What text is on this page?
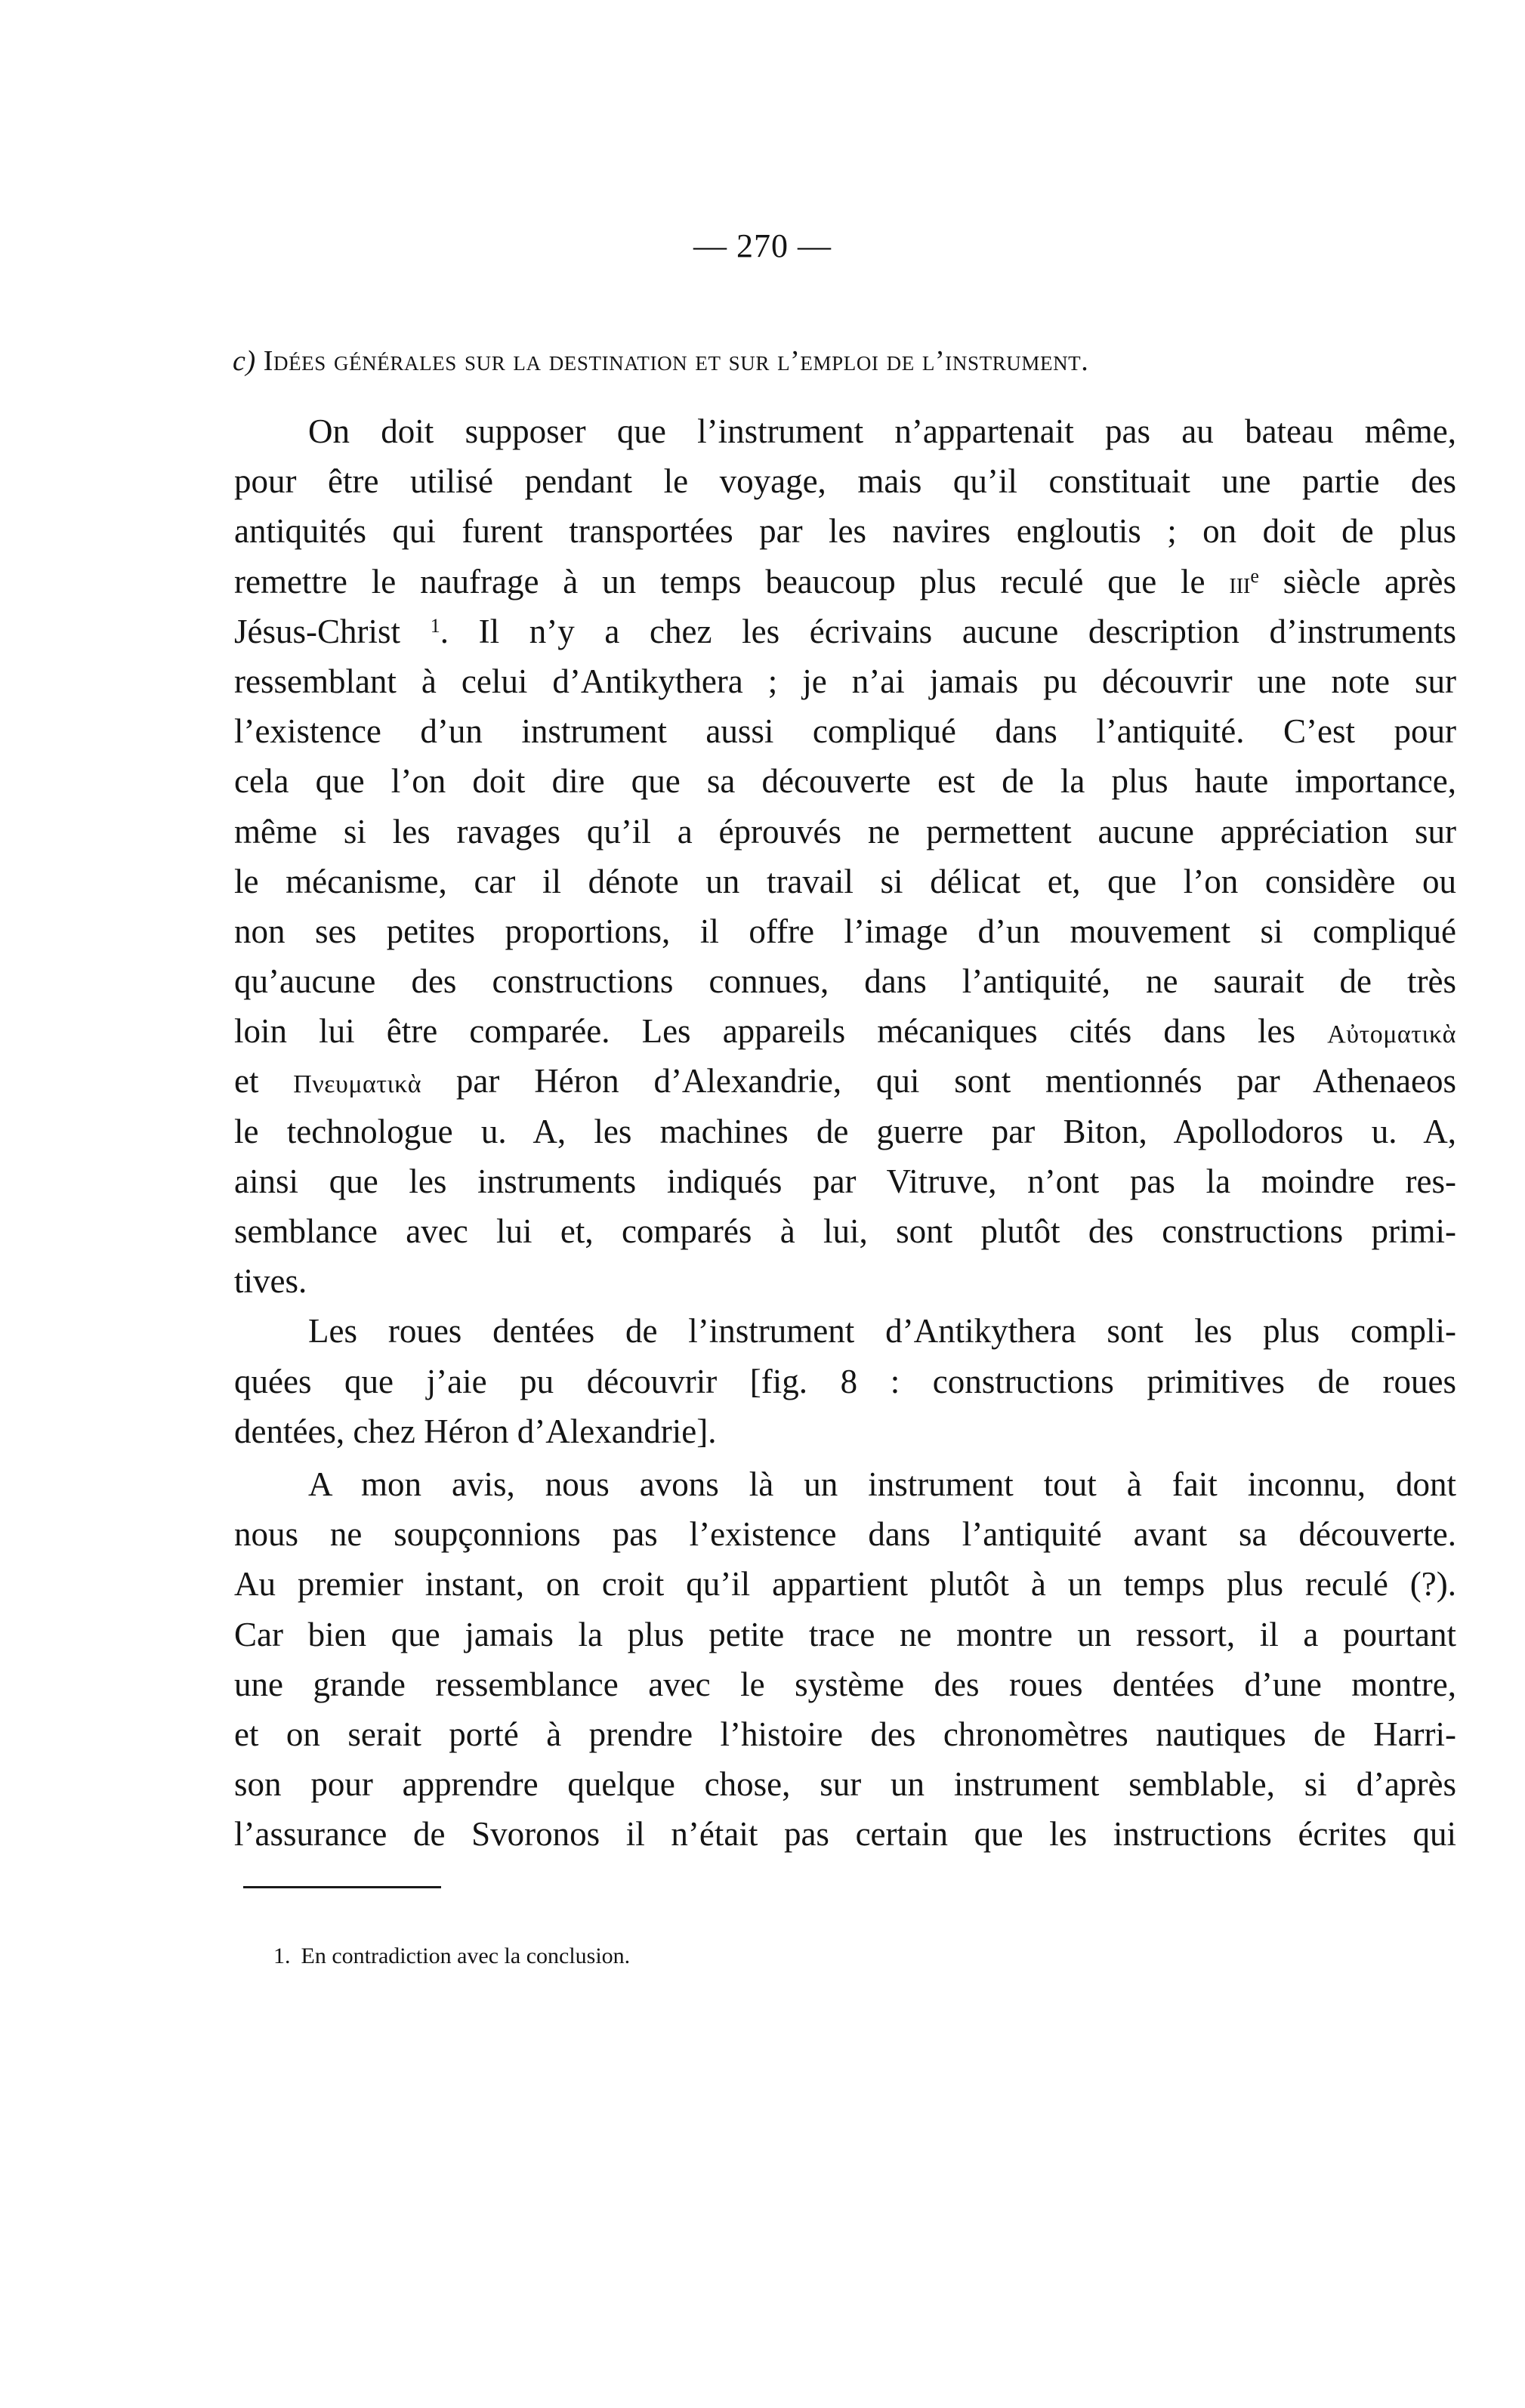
— 270 —
c) Idées générales sur la destination et sur l’emploi de l’instrument.
On doit supposer que l’instrument n’appartenait pas au bateau même,
pour être utilisé pendant le voyage, mais qu’il constituait une partie des
antiquités qui furent transportées par les navires engloutis ; on doit de plus
remettre le naufrage à un temps beaucoup plus reculé que le iii$^e$ siècle après
Jésus-Christ $^1$. Il n’y a chez les écrivains aucune description d’instruments
ressemblant à celui d’Antikythera ; je n’ai jamais pu découvrir une note sur
l’existence d’un instrument aussi compliqué dans l’antiquité. C’est pour
cela que l’on doit dire que sa découverte est de la plus haute importance,
même si les ravages qu’il a éprouvés ne permettent aucune appréciation sur
le mécanisme, car il dénote un travail si délicat et, que l’on considère ou
non ses petites proportions, il offre l’image d’un mouvement si compliqué
qu’aucune des constructions connues, dans l’antiquité, ne saurait de très
loin lui être comparée. Les appareils mécaniques cités dans les Αὐτοματικὰ
et Πνευματικὰ par Héron d’Alexandrie, qui sont mentionnés par Athenaeos
le technologue u. A, les machines de guerre par Biton, Apollodoros u. A,
ainsi que les instruments indiqués par Vitruve, n’ont pas la moindre res-
semblance avec lui et, comparés à lui, sont plutôt des constructions primi-
tives.
Les roues dentées de l’instrument d’Antikythera sont les plus compli-
quées que j’aie pu découvrir [fig. 8 : constructions primitives de roues
dentées, chez Héron d’Alexandrie].
A mon avis, nous avons là un instrument tout à fait inconnu, dont
nous ne soupçonnions pas l’existence dans l’antiquité avant sa découverte.
Au premier instant, on croit qu’il appartient plutôt à un temps plus reculé (?).
Car bien que jamais la plus petite trace ne montre un ressort, il a pourtant
une grande ressemblance avec le système des roues dentées d’une montre,
et on serait porté à prendre l’histoire des chronomètres nautiques de Harri-
son pour apprendre quelque chose, sur un instrument semblable, si d’après
l’assurance de Svoronos il n’était pas certain que les instructions écrites qui
1. En contradiction avec la conclusion.
